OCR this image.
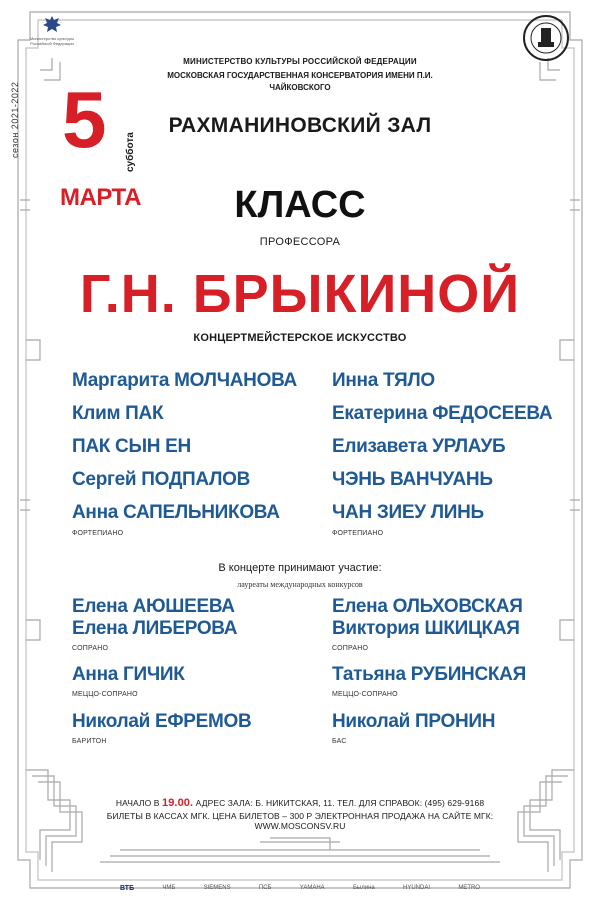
Министерство культуры Российской Федерации
сезон 2021-2022
МИНИСТЕРСТВО КУЛЬТУРЫ РОССИЙСКОЙ ФЕДЕРАЦИИ
МОСКОВСКАЯ ГОСУДАРСТВЕННАЯ КОНСЕРВАТОРИЯ ИМЕНИ П.И. ЧАЙКОВСКОГО
5 суббота
МАРТА
РАХМАНИНОВСКИЙ ЗАЛ
КЛАСС
ПРОФЕССОРА
Г.Н. БРЫКИНОЙ
КОНЦЕРТМЕЙСТЕРСКОЕ ИСКУССТВО
Маргарита МОЛЧАНОВА
Клим ПАК
ПАК СЫН ЕН
Сергей ПОДПАЛОВ
Анна САПЕЛЬНИКОВА
ФОРТЕПИАНО
Инна ТЯЛО
Екатерина ФЕДОСЕЕВА
Елизавета УРЛАУБ
ЧЭНЬ ВАНЧУАНЬ
ЧАН ЗИЕУ ЛИНЬ
ФОРТЕПИАНО
В концерте принимают участие:
лауреаты международных конкурсов
Елена АЮШЕЕВА
Елена ЛИБЕРОВА
СОПРАНО
Анна ГИЧИК
МЕЦЦО-СОПРАНО
Николай ЕФРЕМОВ
БАРИТОН
Елена ОЛЬХОВСКАЯ
Виктория ШКИЦКАЯ
СОПРАНО
Татьяна РУБИНСКАЯ
МЕЦЦО-СОПРАНО
Николай ПРОНИН
БАС
НАЧАЛО В 19.00. АДРЕС ЗАЛА: Б. НИКИТСКАЯ, 11. ТЕЛ. ДЛЯ СПРАВОК: (495) 629-9168
БИЛЕТЫ В КАССАХ МГК. ЦЕНА БИЛЕТОВ – 300 Р ЭЛЕКТРОННАЯ ПРОДАЖА НА САЙТЕ МГК: WWW.MOSCONSV.RU
ВТБ	ЧМБ	SIEMENS	ПСБ	YAMAHA	Былина	HYUNDAI	METRO
